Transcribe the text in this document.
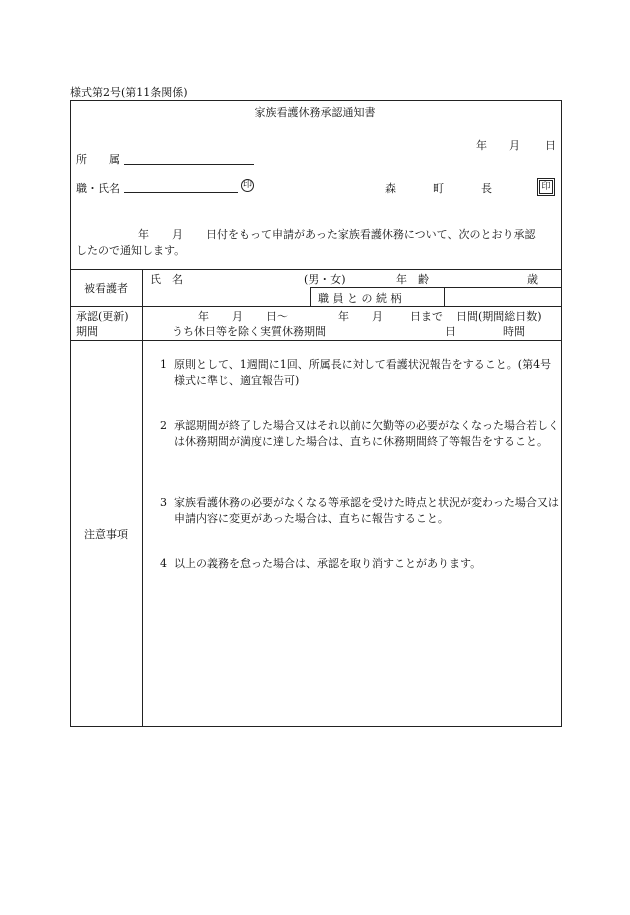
様式第2号(第11条関係)
家族看護休務承認通知書
年 月 日
所　　属
職・氏名	印	森	町	長	印
年 月 日付をもって申請があった家族看護休務について、次のとおり承認
したので通知します。
被看護者
氏　名	(男・女)	年　齢	歳
職 員 と の 続 柄
承認(更新)
期間
年 月 日〜	年 月 日まで 日間(期間総日数)
うち休日等を除く実質休務期間	日	時間
注意事項
1 原則として、1週間に1回、所属長に対して看護状況報告をすること。(第4号様式に準じ、適宜報告可)
2 承認期間が終了した場合又はそれ以前に欠勤等の必要がなくなった場合若しくは休務期間が満度に達した場合は、直ちに休務期間終了等報告をすること。
3 家族看護休務の必要がなくなる等承認を受けた時点と状況が変わった場合又は申請内容に変更があった場合は、直ちに報告すること。
4 以上の義務を怠った場合は、承認を取り消すことがあります。
